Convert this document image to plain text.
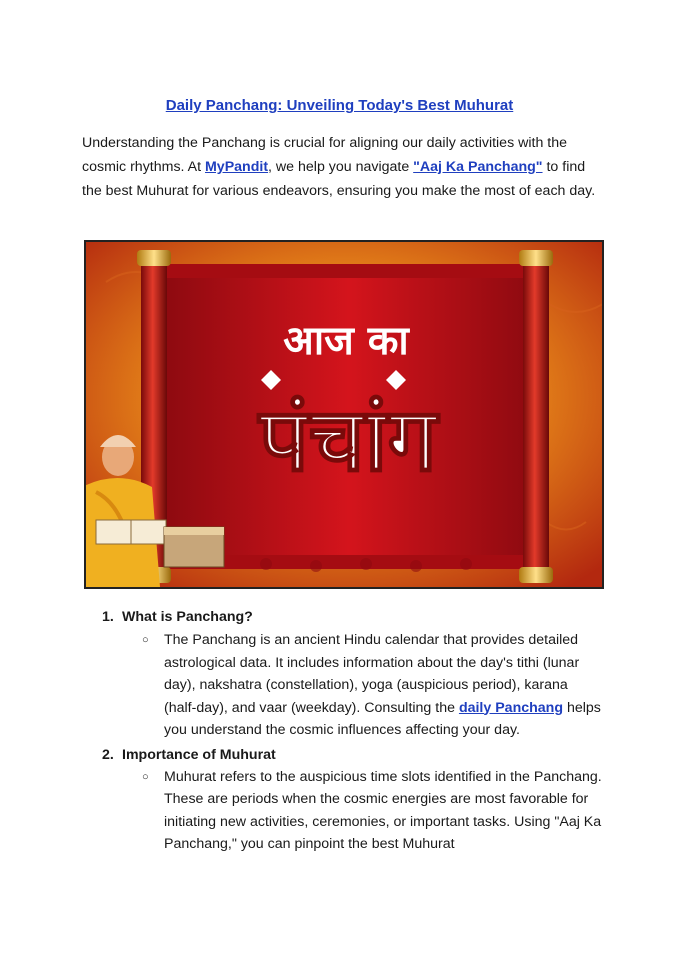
Daily Panchang: Unveiling Today's Best Muhurat
Understanding the Panchang is crucial for aligning our daily activities with the cosmic rhythms. At MyPandit, we help you navigate "Aaj Ka Panchang" to find the best Muhurat for various endeavors, ensuring you make the most of each day.
आज का
पंचांग
1. What is Panchang?
○ The Panchang is an ancient Hindu calendar that provides detailed astrological data. It includes information about the day's tithi (lunar day), nakshatra (constellation), yoga (auspicious period), karana (half-day), and vaar (weekday). Consulting the daily Panchang helps you understand the cosmic influences affecting your day.
2. Importance of Muhurat
○ Muhurat refers to the auspicious time slots identified in the Panchang. These are periods when the cosmic energies are most favorable for initiating new activities, ceremonies, or important tasks. Using "Aaj Ka Panchang," you can pinpoint the best Muhurat
